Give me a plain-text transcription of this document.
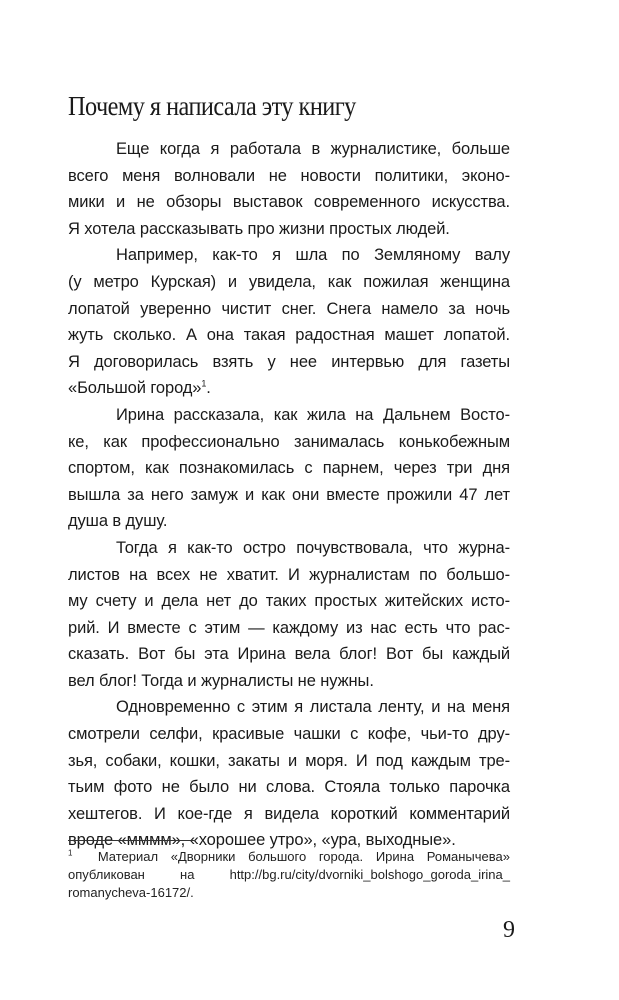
Почему я написала эту книгу

Еще когда я работала в журналистике, больше
всего меня волновали не новости политики, эконо-
мики и не обзоры выставок современного искусства.
Я хотела рассказывать про жизни простых людей.

Например, как-то я шла по Земляному валу
(у метро Курская) и увидела, как пожилая женщина
лопатой уверенно чистит снег. Снега намело за ночь
жуть сколько. А она такая радостная машет лопатой.
Я договорилась взять у нее интервью для газеты
«Большой город»$^1$.

Ирина рассказала, как жила на Дальнем Восто-
ке, как профессионально занималась конькобежным
спортом, как познакомилась с парнем, через три дня
вышла за него замуж и как они вместе прожили 47 лет
душа в душу.

Тогда я как-то остро почувствовала, что журна-
листов на всех не хватит. И журналистам по большо-
му счету и дела нет до таких простых житейских исто-
рий. И вместе с этим — каждому из нас есть что рас-
сказать. Вот бы эта Ирина вела блог! Вот бы каждый
вел блог! Тогда и журналисты не нужны.

Одновременно с этим я листала ленту, и на меня
смотрели селфи, красивые чашки с кофе, чьи-то дру-
зья, собаки, кошки, закаты и моря. И под каждым тре-
тьим фото не было ни слова. Стояла только парочка
хештегов. И кое-где я видела короткий комментарий
вроде «мммм», «хорошее утро», «ура, выходные».

$^1$ Материал «Дворники большого города. Ирина Романычева»
опубликован на http://bg.ru/city/dvorniki_bolshogo_goroda_irina_
romanycheva-16172/.
9
